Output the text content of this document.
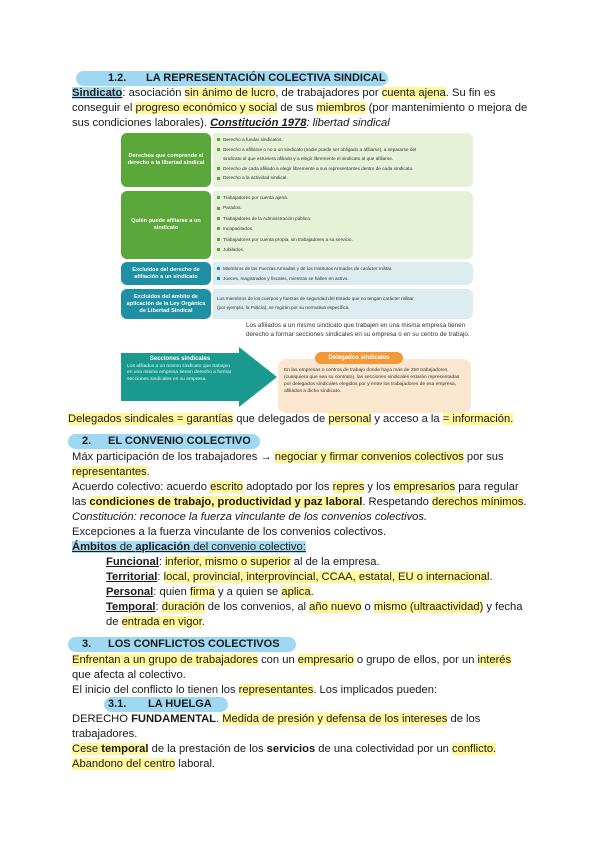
1.2. LA REPRESENTACIÓN COLECTIVA SINDICAL
Sindicato: asociación sin ánimo de lucro, de trabajadores por cuenta ajena. Su fin es
conseguir el progreso económico y social de sus miembros (por mantenimiento o mejora de
sus condiciones laborales). Constitución 1978: libertad sindical
Derechos que comprende el derecho a la libertad sindical
Derecho a fundar sindicatos.
Derecho a afiliarse o no a un sindicato (nadie puede ser obligado a afiliarse), a separarse del
sindicato al que estuviera afiliado y a elegir libremente el sindicato al que afiliarse.
Derecho de cada afiliado a elegir libremente a sus representantes dentro de cada sindicato.
Derecho a la actividad sindical.
Quién puede afiliarse a un sindicato
Trabajadores por cuenta ajena.
Parados.
Trabajadores de la Administración pública.
Incapacitados.
Trabajadores por cuenta propia, sin trabajadores a su servicio.
Jubilados.
Excluidos del derecho de afiliación a un sindicato
Miembros de las Fuerzas Armadas y de los Institutos Armados de carácter militar.
Jueces, magistrados y fiscales, mientras se hallen en activo.
Excluidos del ámbito de aplicación de la Ley Orgánica de Libertad Sindical
Los miembros de los cuerpos y fuerzas de seguridad del Estado que no tengan carácter militar
(por ejemplo, la Policía), se regirán por su normativa específica.
Los afiliados a un mismo sindicato que trabajen en una misma empresa tienen derecho a formar secciones sindicales en su empresa o en su centro de trabajo.
Secciones sindicales
Los afiliados a un mismo sindicato que trabajen en una misma empresa tienen derecho a formar secciones sindicales en su empresa.
Delegados sindicales
En las empresas o centros de trabajo donde haya más de 250 trabajadores (cualquiera que sea su contrato), las secciones sindicales estarán representadas por delegados sindicales elegidos por y entre los trabajadores de esa empresa, afiliados a dicho sindicato.
Delegados sindicales = garantías que delegados de personal y acceso a la = información.
2. EL CONVENIO COLECTIVO
Máx participación de los trabajadores → negociar y firmar convenios colectivos por sus
representantes.
Acuerdo colectivo: acuerdo escrito adoptado por los repres y los empresarios para regular
las condiciones de trabajo, productividad y paz laboral. Respetando derechos mínimos.
Constitución: reconoce la fuerza vinculante de los convenios colectivos.
Excepciones a la fuerza vinculante de los convenios colectivos.
Ámbitos de aplicación del convenio colectivo:
Funcional: inferior, mismo o superior al de la empresa.
Territorial: local, provincial, interprovincial, CCAA, estatal, EU o internacional.
Personal: quien firma y a quien se aplica.
Temporal: duración de los convenios, al año nuevo o mismo (ultraactividad) y fecha
de entrada en vigor.
3. LOS CONFLICTOS COLECTIVOS
Enfrentan a un grupo de trabajadores con un empresario o grupo de ellos, por un interés
que afecta al colectivo.
El inicio del conflicto lo tienen los representantes. Los implicados pueden:
3.1. LA HUELGA
DERECHO FUNDAMENTAL. Medida de presión y defensa de los intereses de los
trabajadores.
Cese temporal de la prestación de los servicios de una colectividad por un conflicto.
Abandono del centro laboral.
